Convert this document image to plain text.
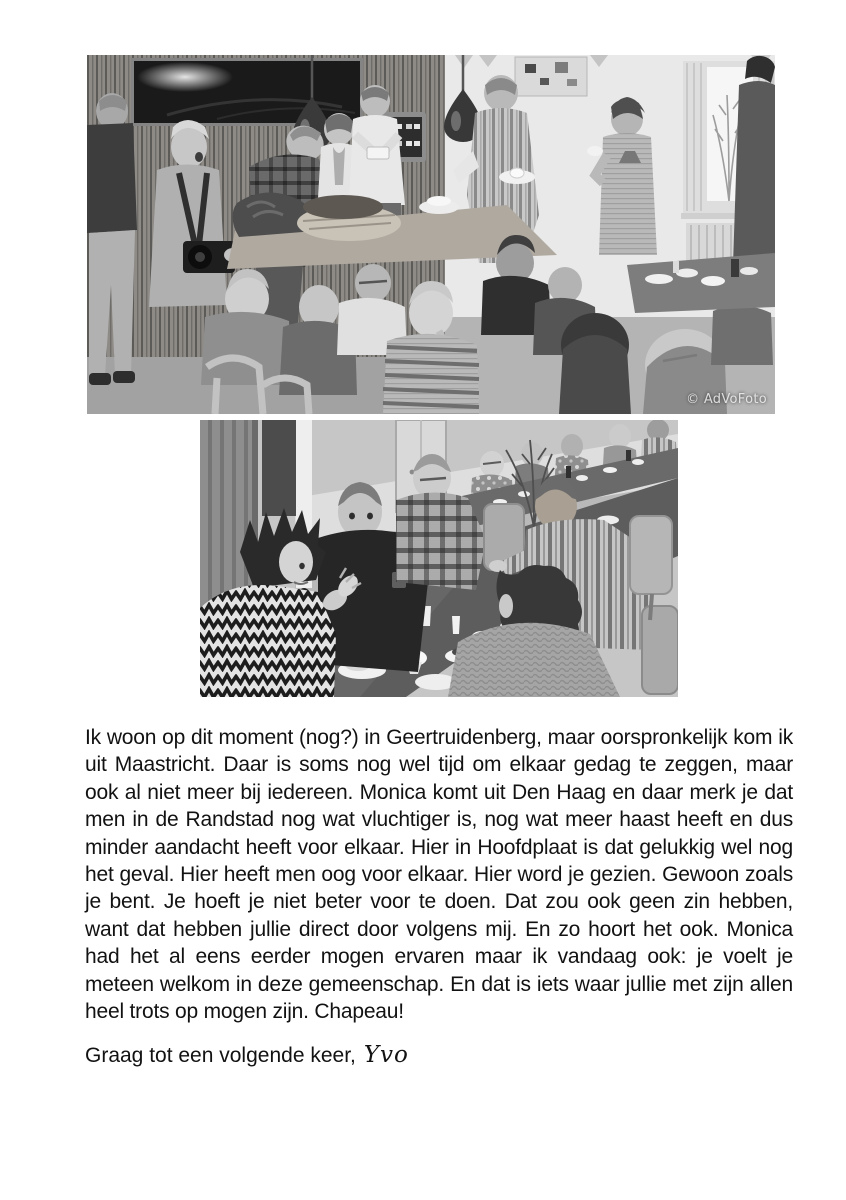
© AdVoFoto

Ik woon op dit moment (nog?) in Geertruidenberg, maar oorspronkelijk kom ik uit Maastricht. Daar is soms nog wel tijd om elkaar gedag te zeggen, maar ook al niet meer bij iedereen. Monica komt uit Den Haag en daar merk je dat men in de Randstad nog wat vluchtiger is, nog wat meer haast heeft en dus minder aandacht heeft voor elkaar. Hier in Hoofdplaat is dat gelukkig wel nog het geval. Hier heeft men oog voor elkaar. Hier word je gezien. Gewoon zoals je bent. Je hoeft je niet beter voor te doen. Dat zou ook geen zin hebben, want dat hebben jullie direct door volgens mij. En zo hoort het ook. Monica had het al eens eerder mogen ervaren maar ik vandaag ook: je voelt je meteen welkom in deze gemeenschap. En dat is iets waar jullie met zijn allen heel trots op mogen zijn. Chapeau!

Graag tot een volgende keer, Yvo
